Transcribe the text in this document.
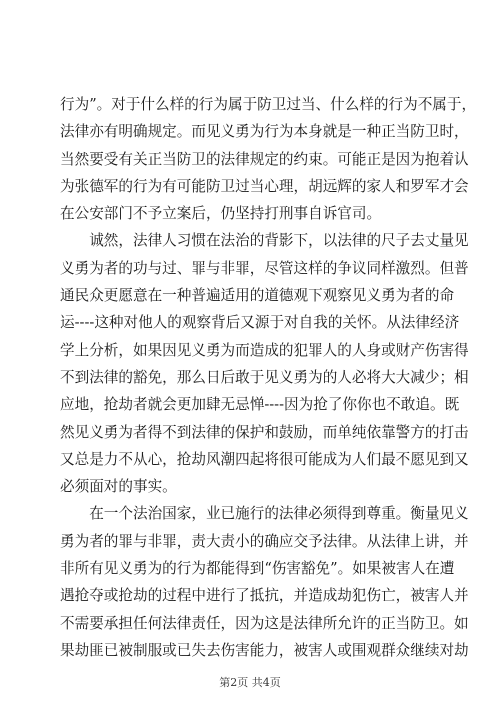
行为”。对于什么样的行为属于防卫过当、什么样的行为不属于，
法律亦有明确规定。而见义勇为行为本身就是一种正当防卫时，
当然要受有关正当防卫的法律规定的约束。可能正是因为抱着认
为张德军的行为有可能防卫过当心理，胡远辉的家人和罗军才会
在公安部门不予立案后，仍坚持打刑事自诉官司。
　　诚然，法律人习惯在法治的背影下，以法律的尺子去丈量见
义勇为者的功与过、罪与非罪，尽管这样的争议同样激烈。但普
通民众更愿意在一种普遍适用的道德观下观察见义勇为者的命
运----这种对他人的观察背后又源于对自我的关怀。从法律经济
学上分析，如果因见义勇为而造成的犯罪人的人身或财产伤害得
不到法律的豁免，那么日后敢于见义勇为的人必将大大减少；相
应地，抢劫者就会更加肆无忌惮----因为抢了你你也不敢追。既
然见义勇为者得不到法律的保护和鼓励，而单纯依靠警方的打击
又总是力不从心，抢劫风潮四起将很可能成为人们最不愿见到又
必须面对的事实。
　　在一个法治国家，业已施行的法律必须得到尊重。衡量见义
勇为者的罪与非罪，责大责小的确应交予法律。从法律上讲，并
非所有见义勇为的行为都能得到“伤害豁免”。如果被害人在遭
遇抢夺或抢劫的过程中进行了抵抗，并造成劫犯伤亡，被害人并
不需要承担任何法律责任，因为这是法律所允许的正当防卫。如
果劫匪已被制服或已失去伤害能力，被害人或围观群众继续对劫
第2页 共4页
